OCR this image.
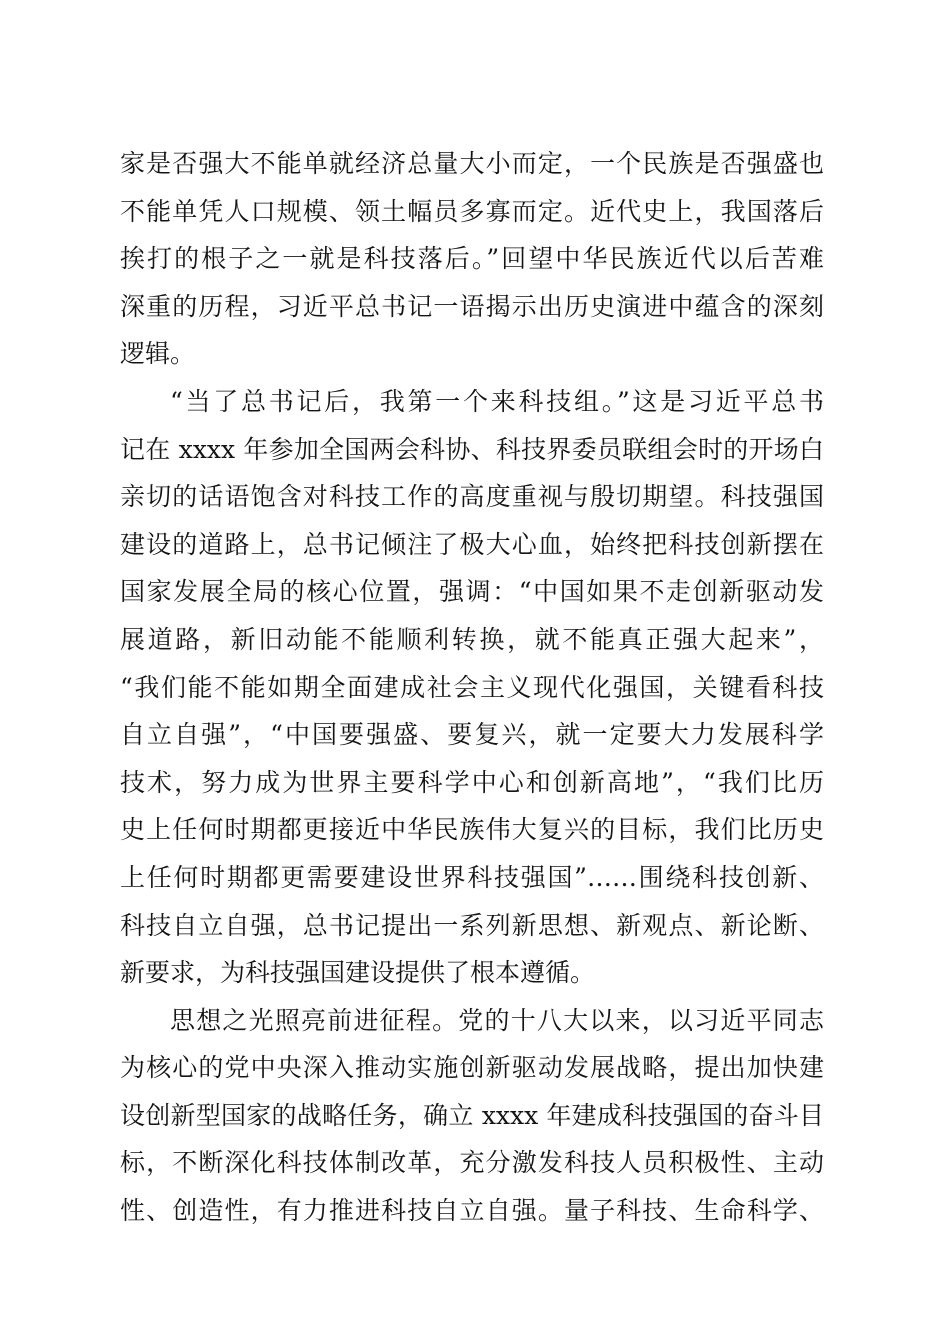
家是否强大不能单就经济总量大小而定，一个民族是否强盛也
不能单凭人口规模、领土幅员多寡而定。近代史上，我国落后
挨打的根子之一就是科技落后。”回望中华民族近代以后苦难
深重的历程，习近平总书记一语揭示出历史演进中蕴含的深刻
逻辑。
“当了总书记后，我第一个来科技组。”这是习近平总书
记在 xxxx 年参加全国两会科协、科技界委员联组会时的开场白
亲切的话语饱含对科技工作的高度重视与殷切期望。科技强国
建设的道路上，总书记倾注了极大心血，始终把科技创新摆在
国家发展全局的核心位置，强调：“中国如果不走创新驱动发
展道路，新旧动能不能顺利转换，就不能真正强大起来”，
“我们能不能如期全面建成社会主义现代化强国，关键看科技
自立自强”，“中国要强盛、要复兴，就一定要大力发展科学
技术，努力成为世界主要科学中心和创新高地”，“我们比历
史上任何时期都更接近中华民族伟大复兴的目标，我们比历史
上任何时期都更需要建设世界科技强国”……围绕科技创新、
科技自立自强，总书记提出一系列新思想、新观点、新论断、
新要求，为科技强国建设提供了根本遵循。
思想之光照亮前进征程。党的十八大以来，以习近平同志
为核心的党中央深入推动实施创新驱动发展战略，提出加快建
设创新型国家的战略任务，确立 xxxx 年建成科技强国的奋斗目
标，不断深化科技体制改革，充分激发科技人员积极性、主动
性、创造性，有力推进科技自立自强。量子科技、生命科学、
